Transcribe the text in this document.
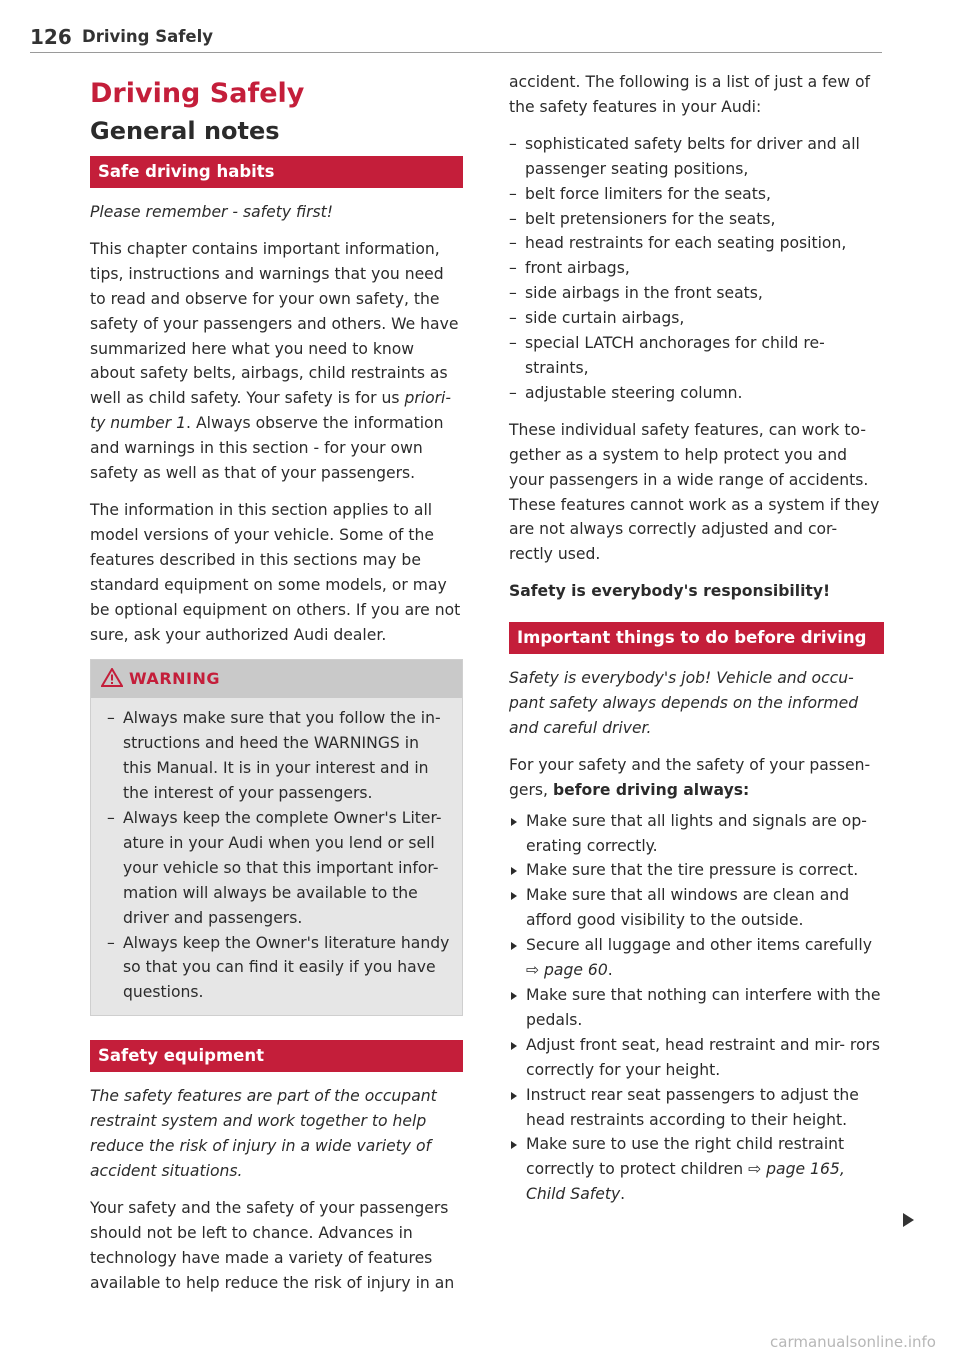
126 Driving Safely
Driving Safely
General notes
Safe driving habits

Please remember - safety first!

This chapter contains important information, tips, instructions and warnings that you need to read and observe for your own safety, the safety of your passengers and others. We have summarized here what you need to know about safety belts, airbags, child restraints as well as child safety. Your safety is for us priori- ty number 1. Always observe the information and warnings in this section - for your own safety as well as that of your passengers.

The information in this section applies to all model versions of your vehicle. Some of the features described in this sections may be standard equipment on some models, or may be optional equipment on others. If you are not sure, ask your authorized Audi dealer.

WARNING
– Always make sure that you follow the in- structions and heed the WARNINGS in this Manual. It is in your interest and in the interest of your passengers.
– Always keep the complete Owner's Liter- ature in your Audi when you lend or sell your vehicle so that this important infor- mation will always be available to the driver and passengers.
– Always keep the Owner's literature handy so that you can find it easily if you have questions.
Safety equipment

The safety features are part of the occupant restraint system and work together to help reduce the risk of injury in a wide variety of accident situations.

Your safety and the safety of your passengers should not be left to chance. Advances in technology have made a variety of features available to help reduce the risk of injury in an

accident. The following is a list of just a few of the safety features in your Audi:

– sophisticated safety belts for driver and all passenger seating positions,
– belt force limiters for the seats,
– belt pretensioners for the seats,
– head restraints for each seating position,
– front airbags,
– side airbags in the front seats,
– side curtain airbags,
– special LATCH anchorages for child re- straints,
– adjustable steering column.

These individual safety features, can work to- gether as a system to help protect you and your passengers in a wide range of accidents. These features cannot work as a system if they are not always correctly adjusted and cor- rectly used.

Safety is everybody's responsibility!

Important things to do before driving

Safety is everybody's job! Vehicle and occu- pant safety always depends on the informed and careful driver.

For your safety and the safety of your passen- gers, before driving always:

Make sure that all lights and signals are op- erating correctly.
Make sure that the tire pressure is correct.
Make sure that all windows are clean and afford good visibility to the outside.
Secure all luggage and other items carefully ⇨ page 60.
Make sure that nothing can interfere with the pedals.
Adjust front seat, head restraint and mir- rors correctly for your height.
Instruct rear seat passengers to adjust the head restraints according to their height.
Make sure to use the right child restraint correctly to protect children ⇨ page 165, Child Safety.
carmanualsonline.info
